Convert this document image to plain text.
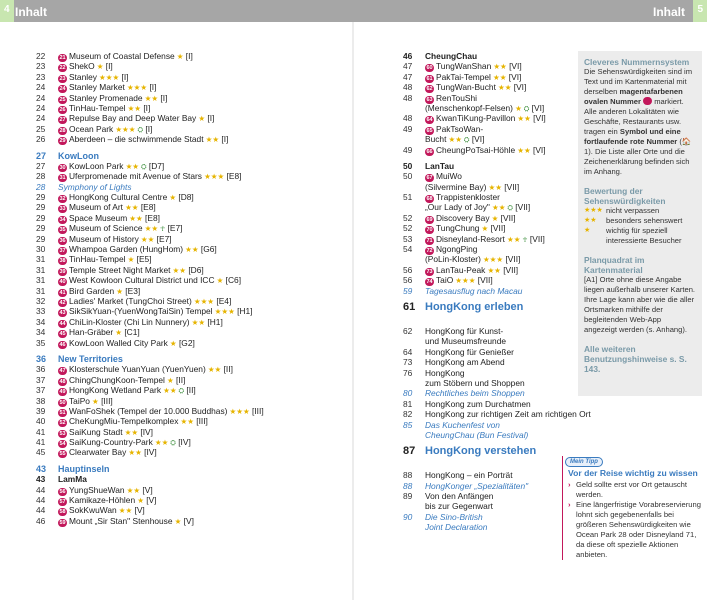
4 Inhalt	Inhalt 5
22	21 Museum of Coastal Defense ★ [I]
23	22 ShekO ★ [I]
23	23 Stanley ★★★ [I]
24	24 Stanley Market ★★★ [I]
24	25 Stanley Promenade ★★ [I]
24	26 TinHau-Tempel ★★ [I]
24	27 Repulse Bay and Deep Water Bay ★ [I]
25	28 Ocean Park ★★★ ⛭ [I]
26	29 Aberdeen – die schwimmende Stadt ★★ [I]
27	KowLoon
27	30 KowLoon Park ★★ ⛭ [D7]
28	31 Uferpromenade mit Avenue of Stars ★★★ [E8]
28	Symphony of Lights
29	32 HongKong Cultural Centre ★ [D8]
29	33 Museum of Art ★★ [E8]
29	34 Space Museum ★★ [E8]
29	35 Museum of Science ★★ ☥ [E7]
29	36 Museum of History ★★ [E7]
30	37 Whampoa Garden (HungHom) ★★ [G6]
31	38 TinHau-Tempel ★ [E5]
31	39 Temple Street Night Market ★★ [D6]
31	40 West Kowloon Cultural District und ICC ★ [C6]
31	41 Bird Garden ★ [E3]
32	42 Ladies' Market (TungChoi Street) ★★★ [E4]
33	43 SikSikYuan-(YuenWongTaiSin) Tempel ★★★ [H1]
34	44 ChiLin-Kloster (Chi Lin Nunnery) ★★ [H1]
34	45 Han-Gräber ★ [C1]
35	46 KowLoon Walled City Park ★ [G2]
36	New Territories
36	47 Klosterschule YuanYuan (YuenYuen) ★★ [II]
37	48 ChingChungKoon-Tempel ★ [II]
37	49 HongKong Wetland Park ★★ ⛭ [II]
38	50 TaiPo ★ [III]
39	51 WanFoShek (Tempel der 10.000 Buddhas) ★★★ [III]
40	52 CheKungMiu-Tempelkomplex ★★ [III]
41	53 SaiKung Stadt ★★ [IV]
41	54 SaiKung-Country-Park ★★ ⛭ [IV]
45	55 Clearwater Bay ★★ [IV]
43	Hauptinseln
43	LamMa
44	56 YungShueWan ★★ [V]
44	57 Kamikaze-Höhlen ★ [V]
44	58 SokKwuWan ★★ [V]
46	59 Mount „Sir Stan" Stenhouse ★ [V]
46	CheungChau
47	60 TungWanShan ★★ [VI]
47	61 PakTai-Tempel ★★ [VI]
48	62 TungWan-Bucht ★★ [VI]
48	63 RenTouShi
(Menschenkopf-Felsen) ★ ⛭ [VI]
48	64 KwanTiKung-Pavillon ★★ [VI]
49	65 PakTsoWan-
Bucht ★★ ⛭ [VI]
49	66 CheungPoTsai-Höhle ★★ [VI]
50	LanTau
50	67 MuiWo
(Silvermine Bay) ★★ [VII]
51	68 Trappistenkloster
„Our Lady of Joy" ★★ ⛭ [VII]
52	69 Discovery Bay ★ [VII]
52	70 TungChung ★ [VII]
53	71 Disneyland-Resort ★★ ☥ [VII]
54	72 NgongPing
(PoLin-Kloster) ★★★ [VII]
56	73 LanTau-Peak ★★ [VII]
56	74 TaiO ★★★ [VII]
59	Tagesausflug nach Macau
61 HongKong erleben
62	HongKong für Kunst-
und Museumsfreunde
64	HongKong für Genießer
73	HongKong am Abend
76	HongKong
zum Stöbern und Shoppen
80	Rechtliches beim Shoppen
81	HongKong zum Durchatmen
82	HongKong zur richtigen Zeit am richtigen Ort
85	Das Kuchenfest von
CheungChau (Bun Festival)
87 HongKong verstehen
88	HongKong – ein Porträt
88	HongKonger „Spezialitäten"
89	Von den Anfängen
bis zur Gegenwart
90	Die Sino-British
Joint Declaration
Cleveres Nummernsystem

Die Sehenswürdigkeiten sind im Text und im Kartenmaterial mit derselben magentafarbenen ovalen Nummer markiert. Alle anderen Lokalitäten wie Geschäfte, Restaurants usw. tragen ein Symbol und eine fortlaufende rote Nummer (🏠1). Die Liste aller Orte und die Zeichenerklärung befinden sich im Anhang.

Bewertung der Sehenswürdigkeiten
★★★ nicht verpassen
★★	besonders sehenswert
★	wichtig für speziell interessierte Besucher
Planquadrat im Kartenmaterial

[A1] Orte ohne diese Angabe liegen außerhalb unserer Karten. Ihre Lage kann aber wie die aller Ortsmarken mithilfe der begleitenden Web-App angezeigt werden (s. Anhang).

Alle weiteren Benutzungshinweise s. S. 143.
Mein Tipp
Vor der Reise wichtig zu wissen
› Geld sollte erst vor Ort getauscht werden.
› Eine längerfristige Vorabreservierung lohnt sich gegebenenfalls bei größeren Sehenswürdigkeiten wie Ocean Park 28 oder Disneyland 71, da diese oft spezielle Aktionen anbieten.
